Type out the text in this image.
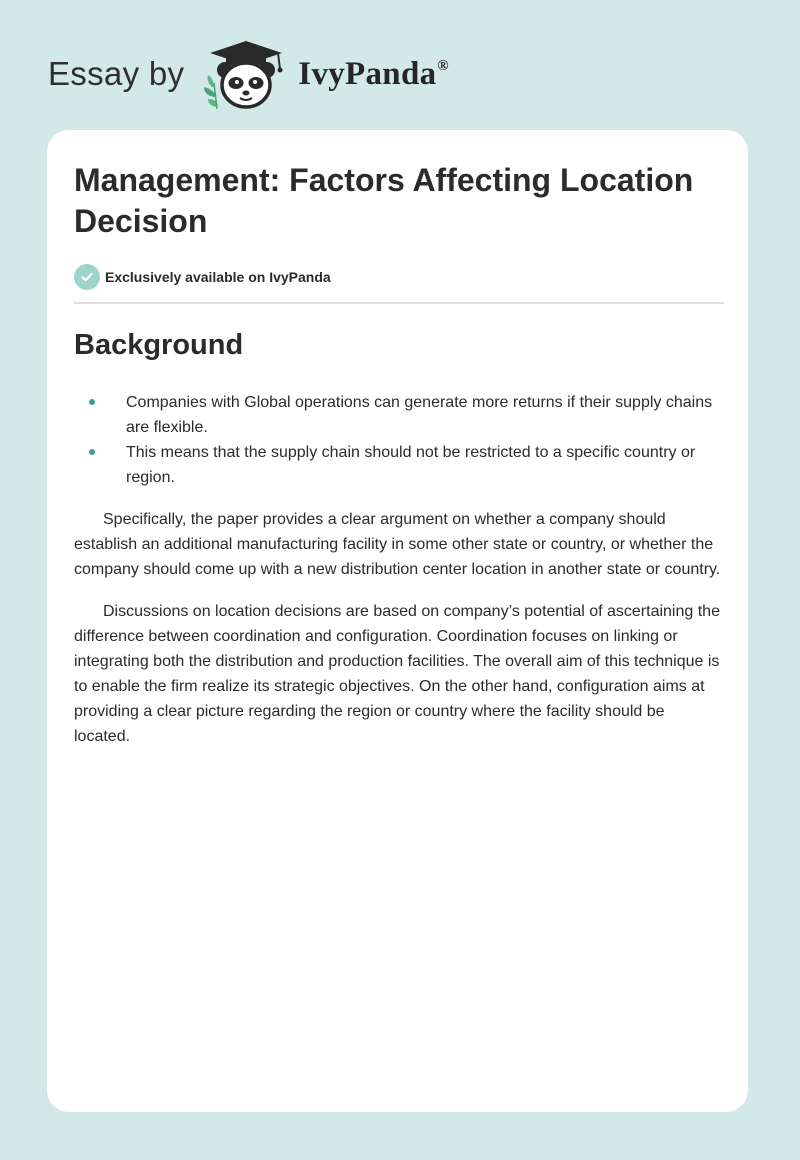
Essay by	IvyPanda®
Management: Factors Affecting Location Decision
Exclusively available on IvyPanda
Background
Companies with Global operations can generate more returns if their supply chains are flexible.
This means that the supply chain should not be restricted to a specific country or region.

Specifically, the paper provides a clear argument on whether a company should establish an additional manufacturing facility in some other state or country, or whether the company should come up with a new distribution center location in another state or country.

Discussions on location decisions are based on company’s potential of ascertaining the difference between coordination and configuration. Coordination focuses on linking or integrating both the distribution and production facilities. The overall aim of this technique is to enable the firm realize its strategic objectives. On the other hand, configuration aims at providing a clear picture regarding the region or country where the facility should be located.
